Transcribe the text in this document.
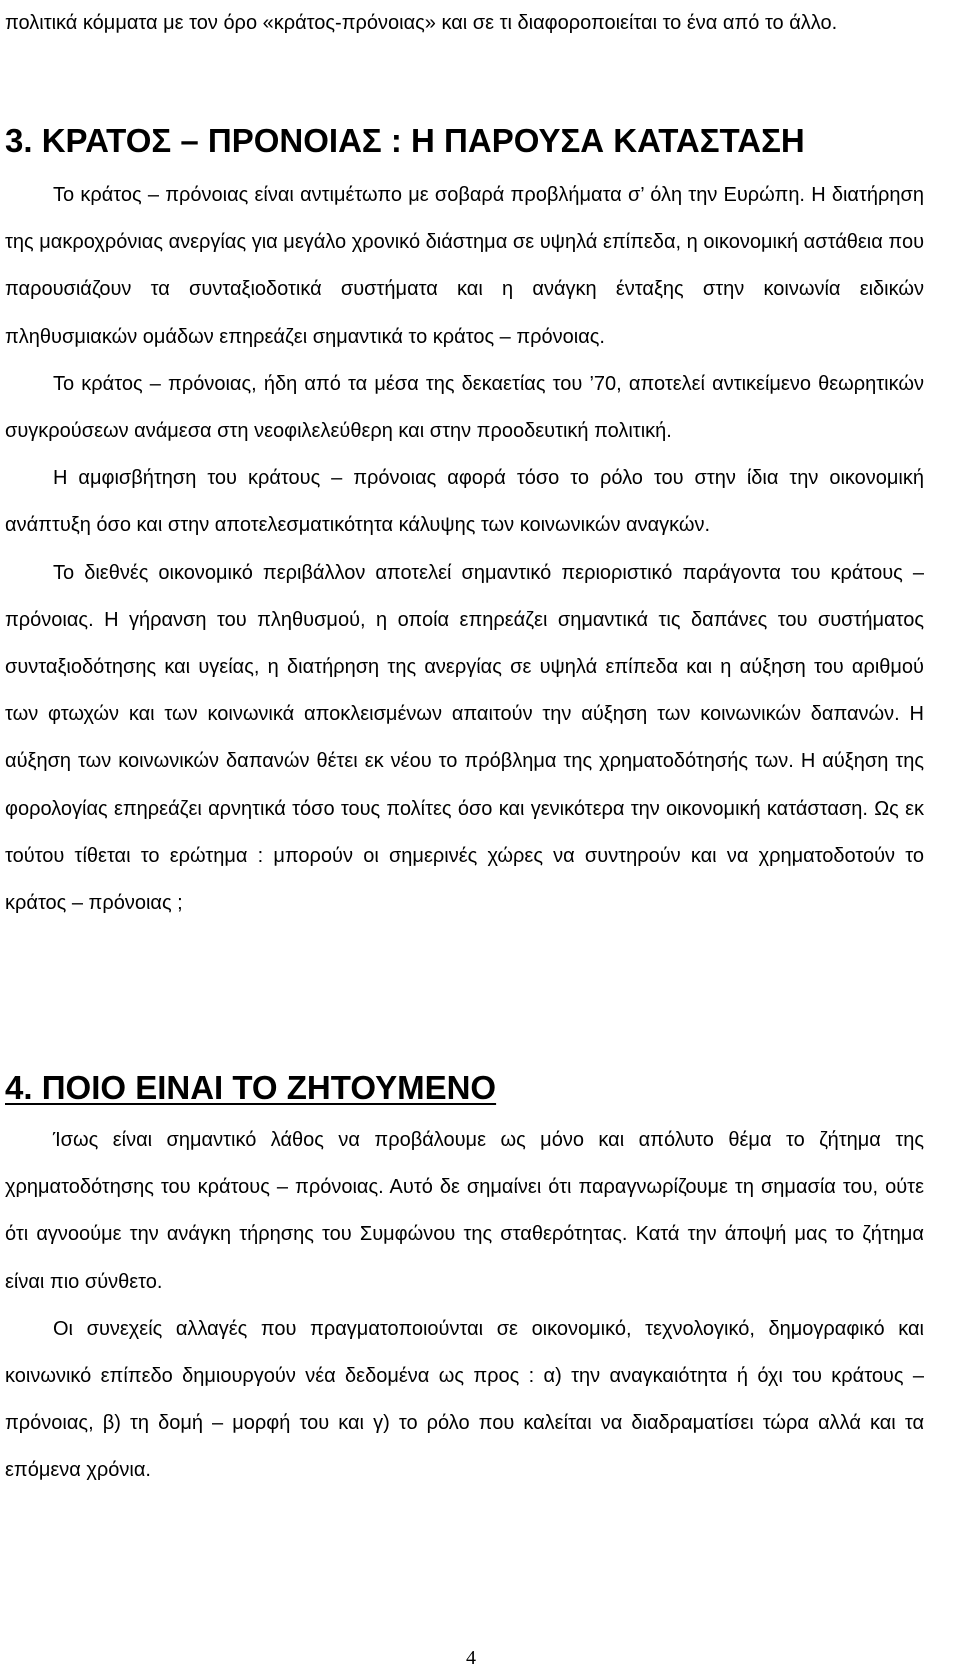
πολιτικά κόμματα με τον όρο «κράτος-πρόνοιας» και σε τι διαφοροποιείται το ένα από το άλλο.

3. ΚΡΑΤΟΣ – ΠΡΟΝΟΙΑΣ : Η ΠΑΡΟΥΣΑ ΚΑΤΑΣΤΑΣΗ

Το κράτος – πρόνοιας είναι αντιμέτωπο με σοβαρά προβλήματα σ’ όλη την Ευρώπη. Η διατήρηση της μακροχρόνιας ανεργίας για μεγάλο χρονικό διάστημα σε υψηλά επίπεδα, η οικονομική αστάθεια που παρουσιάζουν τα συνταξιοδοτικά συστήματα και η ανάγκη ένταξης στην κοινωνία ειδικών πληθυσμιακών ομάδων επηρεάζει σημαντικά το κράτος – πρόνοιας.

Το κράτος – πρόνοιας, ήδη από τα μέσα της δεκαετίας του ’70, αποτελεί αντικείμενο θεωρητικών συγκρούσεων ανάμεσα στη νεοφιλελεύθερη και στην προοδευτική πολιτική.

Η αμφισβήτηση του κράτους – πρόνοιας αφορά τόσο το ρόλο του στην ίδια την οικονομική ανάπτυξη όσο και στην αποτελεσματικότητα κάλυψης των κοινωνικών αναγκών.

Το διεθνές οικονομικό περιβάλλον αποτελεί σημαντικό περιοριστικό παράγοντα του κράτους – πρόνοιας. Η γήρανση του πληθυσμού, η οποία επηρεάζει σημαντικά τις δαπάνες του συστήματος συνταξιοδότησης και υγείας, η διατήρηση της ανεργίας σε υψηλά επίπεδα και η αύξηση του αριθμού των φτωχών και των κοινωνικά αποκλεισμένων απαιτούν την αύξηση των κοινωνικών δαπανών. Η αύξηση των κοινωνικών δαπανών θέτει εκ νέου το πρόβλημα της χρηματοδότησής των. Η αύξηση της φορολογίας επηρεάζει αρνητικά τόσο τους πολίτες όσο και γενικότερα την οικονομική κατάσταση. Ως εκ τούτου τίθεται το ερώτημα : μπορούν οι σημερινές χώρες να συντηρούν και να χρηματοδοτούν το κράτος – πρόνοιας ;

4. ΠΟΙΟ ΕΙΝΑΙ ΤΟ ΖΗΤΟΥΜΕΝΟ

Ίσως είναι σημαντικό λάθος να προβάλουμε ως μόνο και απόλυτο θέμα το ζήτημα της χρηματοδότησης του κράτους – πρόνοιας. Αυτό δε σημαίνει ότι παραγνωρίζουμε τη σημασία του, ούτε ότι αγνοούμε την ανάγκη τήρησης του Συμφώνου της σταθερότητας. Κατά την άποψή μας το ζήτημα είναι πιο σύνθετο.

Οι συνεχείς αλλαγές που πραγματοποιούνται σε οικονομικό, τεχνολογικό, δημογραφικό και κοινωνικό επίπεδο δημιουργούν νέα δεδομένα ως προς : α) την αναγκαιότητα ή όχι του κράτους – πρόνοιας, β) τη δομή – μορφή του και γ) το ρόλο που καλείται να διαδραματίσει τώρα αλλά και τα επόμενα χρόνια.

4
